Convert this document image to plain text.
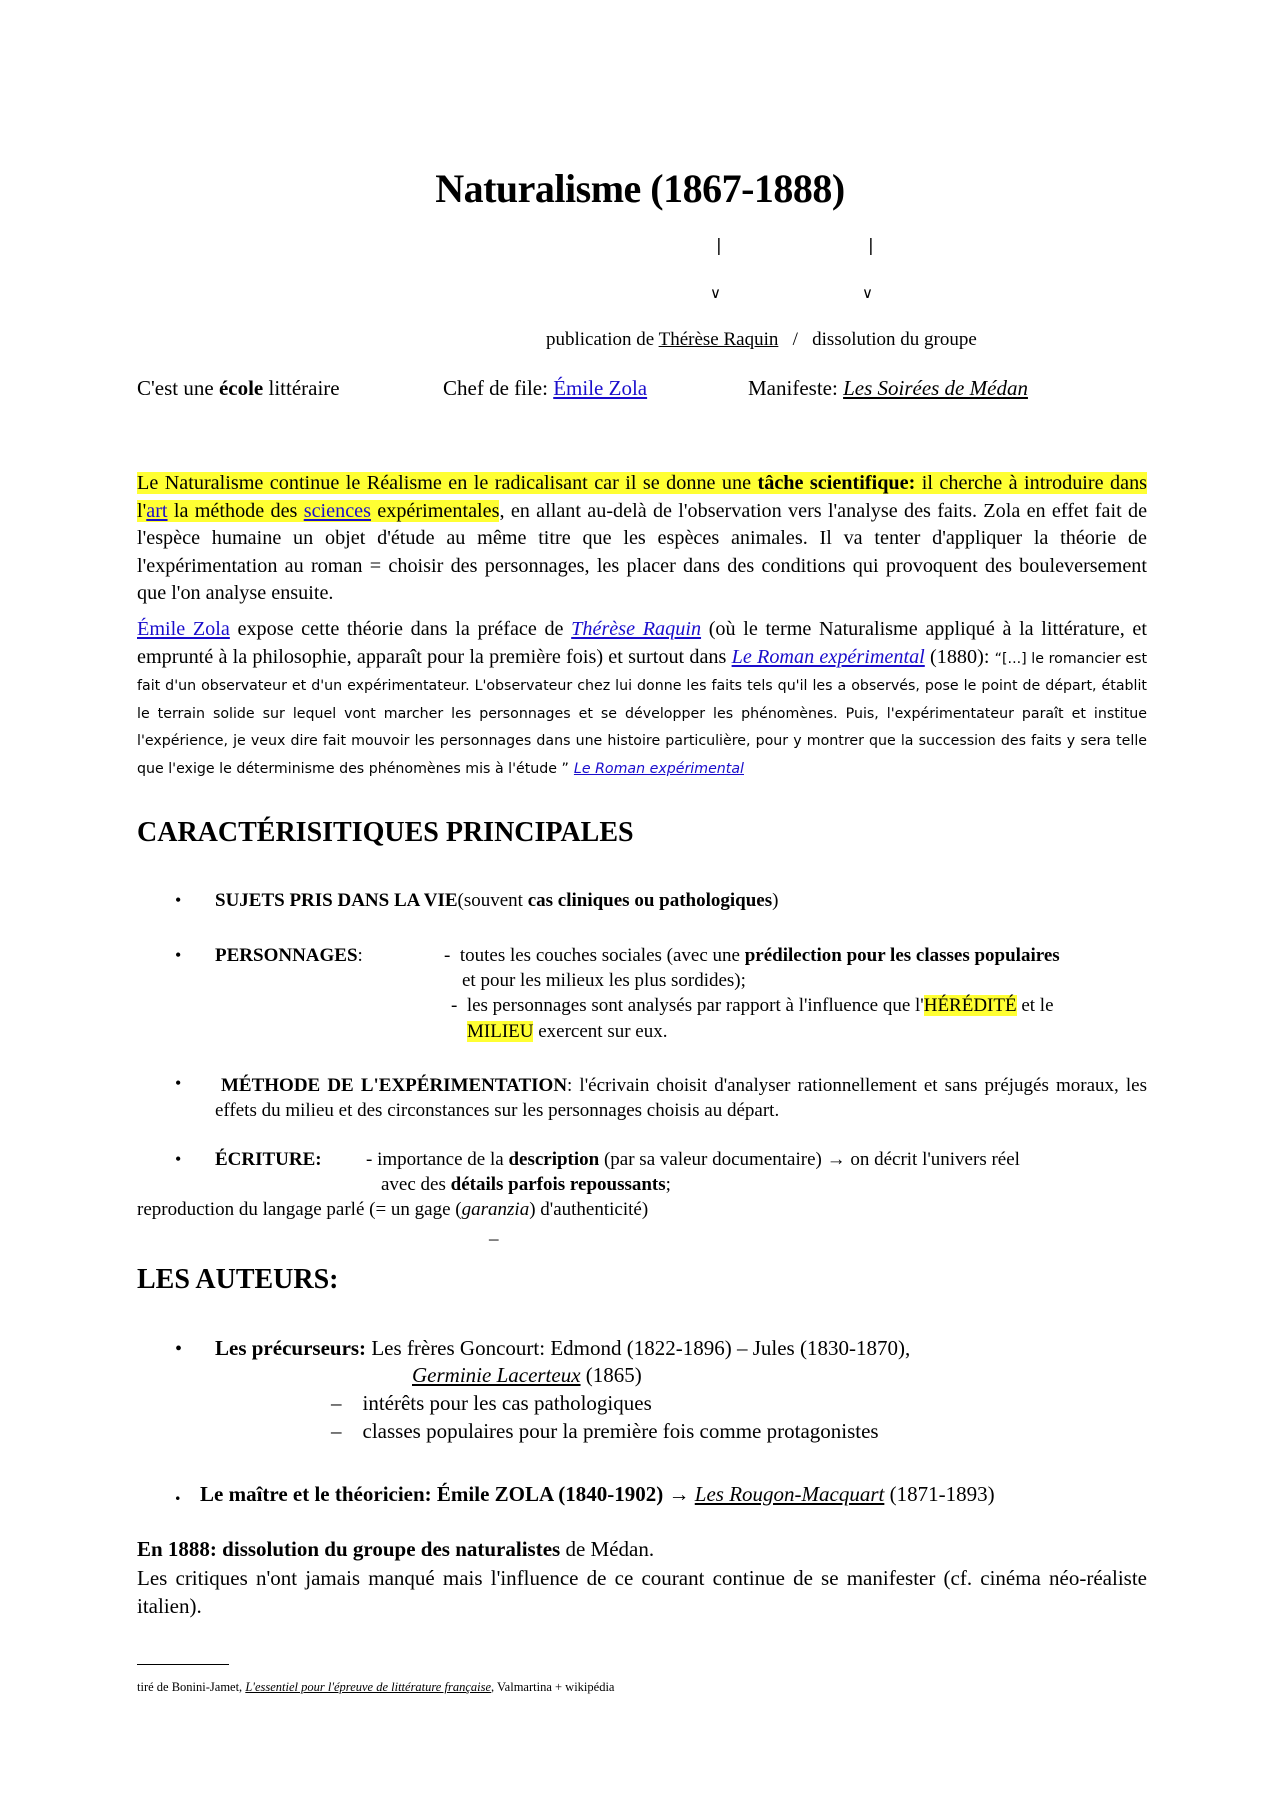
Naturalisme (1867-1888)
|	|
∨	∨
publication de Thérèse Raquin / dissolution du groupe
C'est une école littéraire	Chef de file: Émile Zola	Manifeste: Les Soirées de Médan
Le Naturalisme continue le Réalisme en le radicalisant car il se donne une tâche scientifique: il cherche à introduire dans l'art la méthode des sciences expérimentales, en allant au-delà de l'observation vers l'analyse des faits. Zola en effet fait de l'espèce humaine un objet d'étude au même titre que les espèces animales. Il va tenter d'appliquer la théorie de l'expérimentation au roman = choisir des personnages, les placer dans des conditions qui provoquent des bouleversement que l'on analyse ensuite.
Émile Zola expose cette théorie dans la préface de Thérèse Raquin (où le terme Naturalisme appliqué à la littérature, et emprunté à la philosophie, apparaît pour la première fois) et surtout dans Le Roman expérimental (1880): “[...] le romancier est fait d'un observateur et d'un expérimentateur. L'observateur chez lui donne les faits tels qu'il les a observés, pose le point de départ, établit le terrain solide sur lequel vont marcher les personnages et se développer les phénomènes. Puis, l'expérimentateur paraît et institue l'expérience, je veux dire fait mouvoir les personnages dans une histoire particulière, pour y montrer que la succession des faits y sera telle que l'exige le déterminisme des phénomènes mis à l'étude ” Le Roman expérimental
CARACTÉRISITIQUES PRINCIPALES
• SUJETS PRIS DANS LA VIE(souvent cas cliniques ou pathologiques)
• PERSONNAGES:	- toutes les couches sociales (avec une prédilection pour les classes populaires
et pour les milieux les plus sordides);
- les personnages sont analysés par rapport à l'influence que l'HÉRÉDITÉ et le
MILIEU exercent sur eux.
•	MÉTHODE DE L'EXPÉRIMENTATION: l'écrivain choisit d'analyser rationnellement et sans préjugés moraux, les effets du milieu et des circonstances sur les personnages choisis au départ.
• ÉCRITURE: - importance de la description (par sa valeur documentaire) → on décrit l'univers réel
avec des détails parfois repoussants;
reproduction du langage parlé (= un gage (garanzia) d'authenticité)
_
LES AUTEURS:
• Les précurseurs: Les frères Goncourt: Edmond (1822-1896) – Jules (1830-1870),
Germinie Lacerteux (1865)
– intérêts pour les cas pathologiques
– classes populaires pour la première fois comme protagonistes
. Le maître et le théoricien: Émile ZOLA (1840-1902) → Les Rougon-Macquart (1871-1893)
En 1888: dissolution du groupe des naturalistes de Médan.
Les critiques n'ont jamais manqué mais l'influence de ce courant continue de se manifester (cf. cinéma néo-réaliste italien).
tiré de Bonini-Jamet, L'essentiel pour l'épreuve de littérature française, Valmartina + wikipédia
